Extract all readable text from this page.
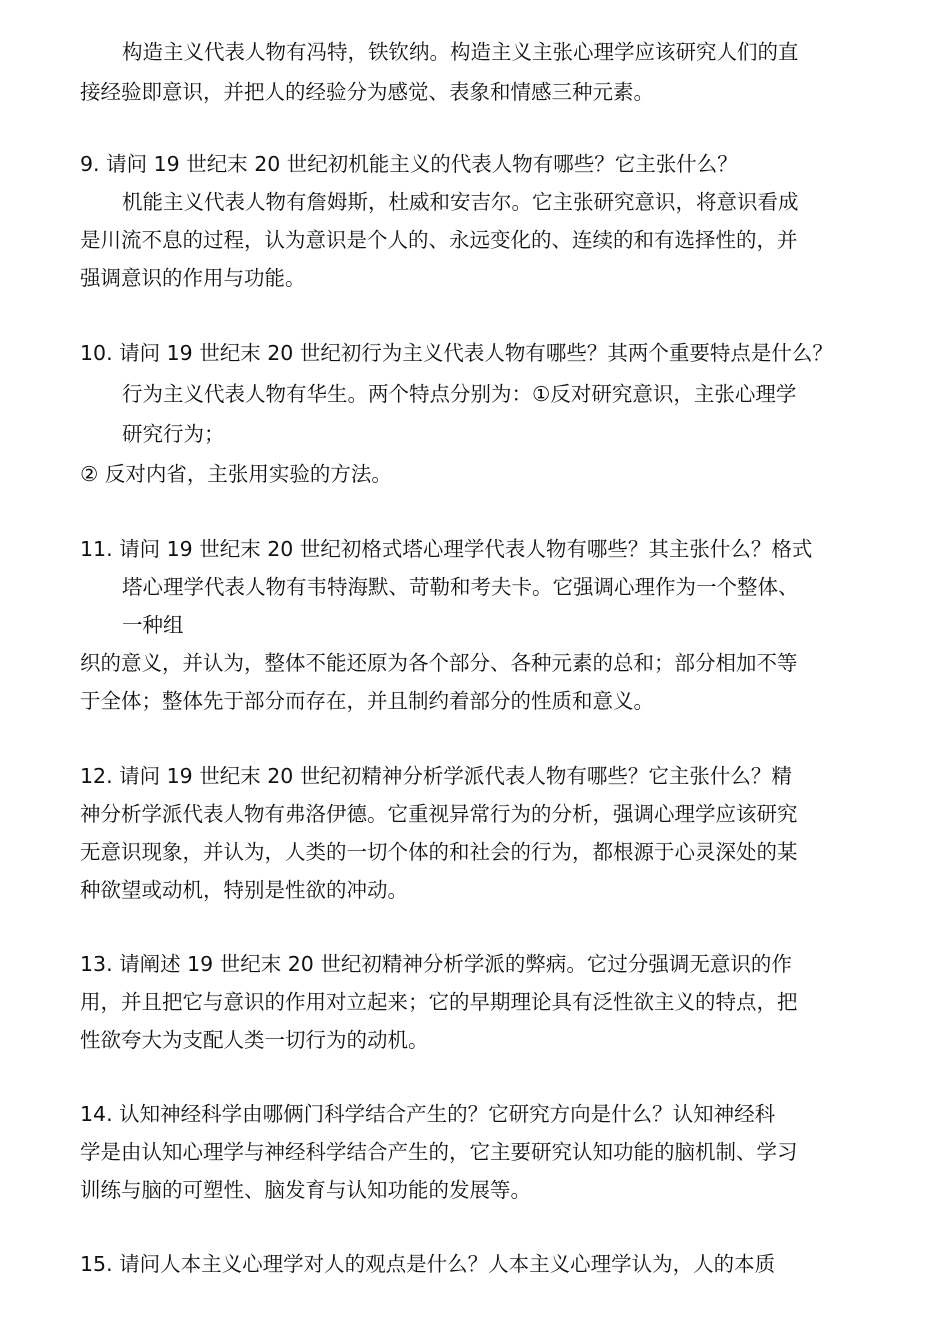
构造主义代表人物有冯特，铁钦纳。构造主义主张心理学应该研究人们的直
接经验即意识，并把人的经验分为感觉、表象和情感三种元素。
9. 请问 19 世纪末 20 世纪初机能主义的代表人物有哪些？它主张什么？
机能主义代表人物有詹姆斯，杜威和安吉尔。它主张研究意识，将意识看成
是川流不息的过程，认为意识是个人的、永远变化的、连续的和有选择性的，并
强调意识的作用与功能。
10. 请问 19 世纪末 20 世纪初行为主义代表人物有哪些？其两个重要特点是什么？
行为主义代表人物有华生。两个特点分别为：①反对研究意识，主张心理学
研究行为；
② 反对内省，主张用实验的方法。
11. 请问 19 世纪末 20 世纪初格式塔心理学代表人物有哪些？其主张什么？格式
塔心理学代表人物有韦特海默、苛勒和考夫卡。它强调心理作为一个整体、
一种组
织的意义，并认为，整体不能还原为各个部分、各种元素的总和；部分相加不等
于全体；整体先于部分而存在，并且制约着部分的性质和意义。
12. 请问 19 世纪末 20 世纪初精神分析学派代表人物有哪些？它主张什么？精
神分析学派代表人物有弗洛伊德。它重视异常行为的分析，强调心理学应该研究
无意识现象，并认为，人类的一切个体的和社会的行为，都根源于心灵深处的某
种欲望或动机，特别是性欲的冲动。
13. 请阐述 19 世纪末 20 世纪初精神分析学派的弊病。它过分强调无意识的作
用，并且把它与意识的作用对立起来；它的早期理论具有泛性欲主义的特点，把
性欲夸大为支配人类一切行为的动机。
14. 认知神经科学由哪俩门科学结合产生的？它研究方向是什么？认知神经科
学是由认知心理学与神经科学结合产生的，它主要研究认知功能的脑机制、学习
训练与脑的可塑性、脑发育与认知功能的发展等。
15. 请问人本主义心理学对人的观点是什么？人本主义心理学认为，人的本质
